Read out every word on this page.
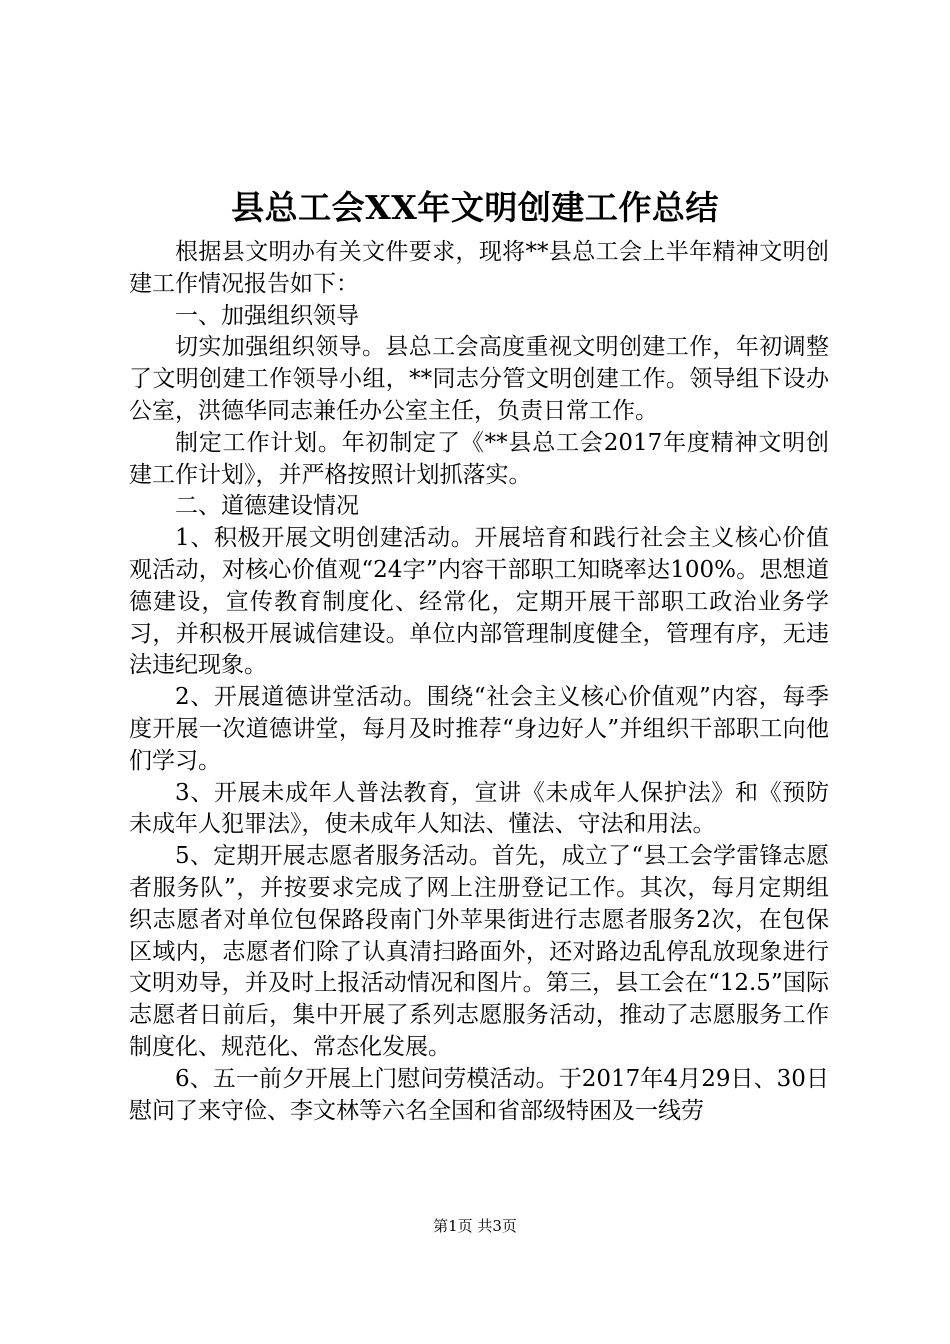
县总工会XX年文明创建工作总结

根据县文明办有关文件要求，现将**县总工会上半年精神文明创建工作情况报告如下：

一、加强组织领导

切实加强组织领导。县总工会高度重视文明创建工作，年初调整了文明创建工作领导小组，**同志分管文明创建工作。领导组下设办公室，洪德华同志兼任办公室主任，负责日常工作。

制定工作计划。年初制定了《**县总工会2017年度精神文明创建工作计划》，并严格按照计划抓落实。

二、道德建设情况

1、积极开展文明创建活动。开展培育和践行社会主义核心价值观活动，对核心价值观“24字”内容干部职工知晓率达100%。思想道德建设，宣传教育制度化、经常化，定期开展干部职工政治业务学习，并积极开展诚信建设。单位内部管理制度健全，管理有序，无违法违纪现象。

2、开展道德讲堂活动。围绕“社会主义核心价值观”内容，每季度开展一次道德讲堂，每月及时推荐“身边好人”并组织干部职工向他们学习。

3、开展未成年人普法教育，宣讲《未成年人保护法》和《预防未成年人犯罪法》，使未成年人知法、懂法、守法和用法。

5、定期开展志愿者服务活动。首先，成立了“县工会学雷锋志愿者服务队”，并按要求完成了网上注册登记工作。其次，每月定期组织志愿者对单位包保路段南门外苹果街进行志愿者服务2次，在包保区域内，志愿者们除了认真清扫路面外，还对路边乱停乱放现象进行文明劝导，并及时上报活动情况和图片。第三，县工会在“12.5”国际志愿者日前后，集中开展了系列志愿服务活动，推动了志愿服务工作制度化、规范化、常态化发展。

6、五一前夕开展上门慰问劳模活动。于2017年4月29日、30日慰问了来守俭、李文林等六名全国和省部级特困及一线劳

第1页 共3页
